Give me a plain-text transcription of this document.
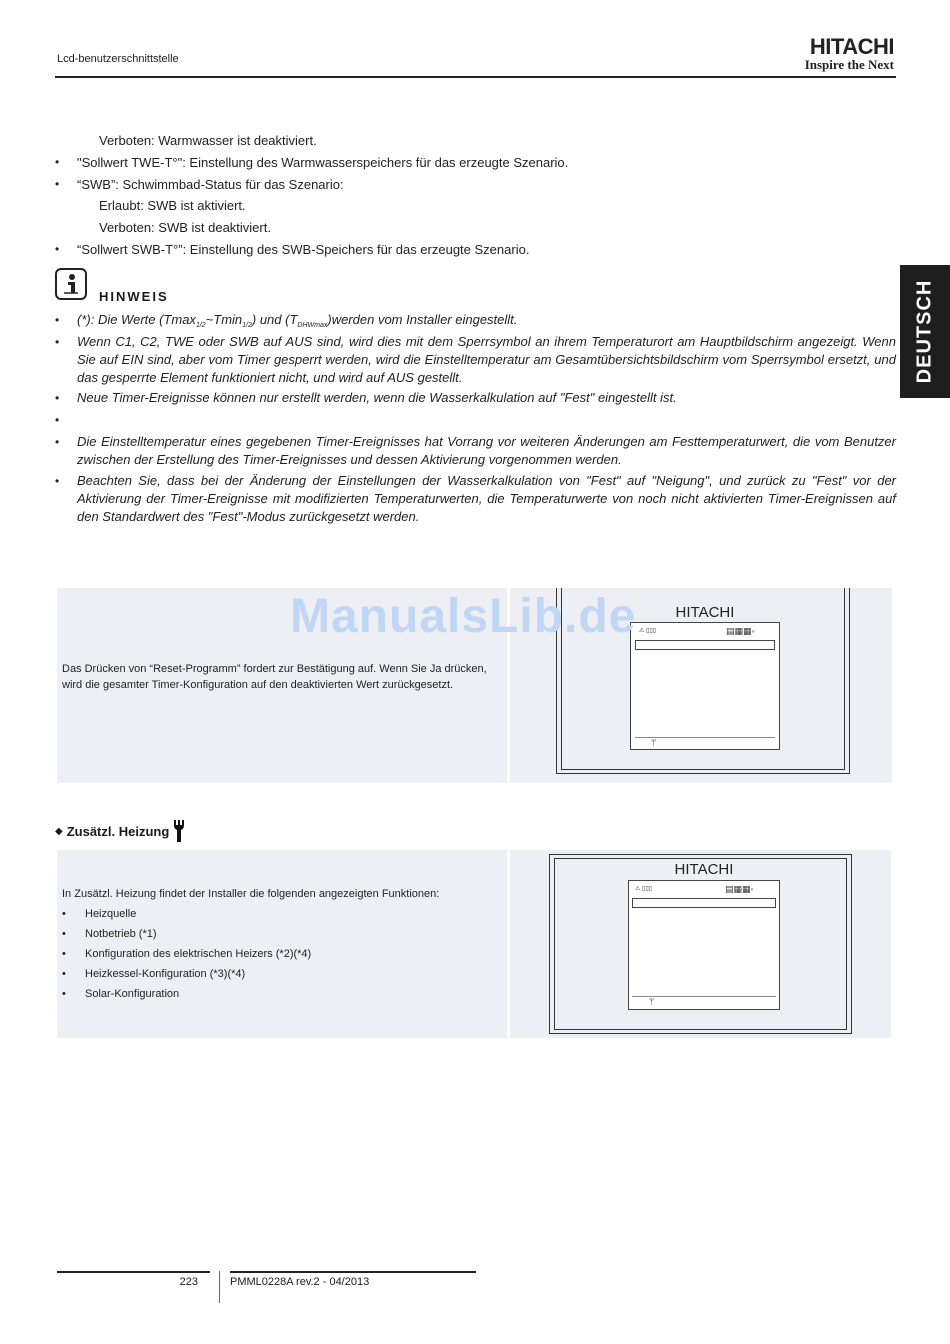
Lcd-benutzerschnittstelle	HITACHI
Inspire the Next
DEUTSCH
Verboten: Warmwasser ist deaktiviert.
• "Sollwert TWE-T°": Einstellung des Warmwasserspeichers für das erzeugte Szenario.
• “SWB”: Schwimmbad-Status für das Szenario:
Erlaubt: SWB ist aktiviert.
Verboten: SWB ist deaktiviert.
• “Sollwert SWB-T°”: Einstellung des SWB-Speichers für das erzeugte Szenario.
HINWEIS
• (*): Die Werte (Tmax$_{1/2}$~Tmin$_{1/2}$) und $(T_{DHWmax})werden$ vom Installer eingestellt.
• Wenn C1, C2, TWE oder SWB auf AUS sind, wird dies mit dem Sperrsymbol an ihrem Temperaturort am Hauptbildschirm angezeigt. Wenn Sie auf EIN sind, aber vom Timer gesperrt werden, wird die Einstelltemperatur am Gesamtübersichtsbildschirm vom Sperrsymbol ersetzt, und das gesperrte Element funktioniert nicht, und wird auf AUS gestellt.
• Neue Timer-Ereignisse können nur erstellt werden, wenn die Wasserkalkulation auf "Fest" eingestellt ist.
•
• Die Einstelltemperatur eines gegebenen Timer-Ereignisses hat Vorrang vor weiteren Änderungen am Festtemperaturwert, die vom Benutzer zwischen der Erstellung des Timer-Ereignisses und dessen Aktivierung vorgenommen werden.
• Beachten Sie, dass bei der Änderung der Einstellungen der Wasserkalkulation von "Fest" auf "Neigung", und zurück zu "Fest" vor der Aktivierung der Timer-Ereignisse mit modifizierten Temperaturwerten, die Temperaturwerte von noch nicht aktivierten Timer-Ereignissen auf den Standardwert des "Fest"-Modus zurückgesetzt werden.
Das Drücken von “Reset-Programm” fordert zur Bestätigung auf. Wenn Sie Ja drücken, wird die gesamter Timer-Konfiguration auf den deaktivierten Wert zurückgesetzt.
HITACHI
⚠ ▯▯▯	▤▦▦◦
ᛘ
ManualsLib.de
◆ Zusätzl. Heizung
In Zusätzl. Heizung findet der Installer die folgenden angezeigten Funktionen:
• Heizquelle
• Notbetrieb (*1)
• Konfiguration des elektrischen Heizers (*2)(*4)
• Heizkessel-Konfiguration (*3)(*4)
• Solar-Konfiguration
HITACHI
⚠ ▯▯▯	▤▦▦◦
ᛘ
223	PMML0228A rev.2 - 04/2013
